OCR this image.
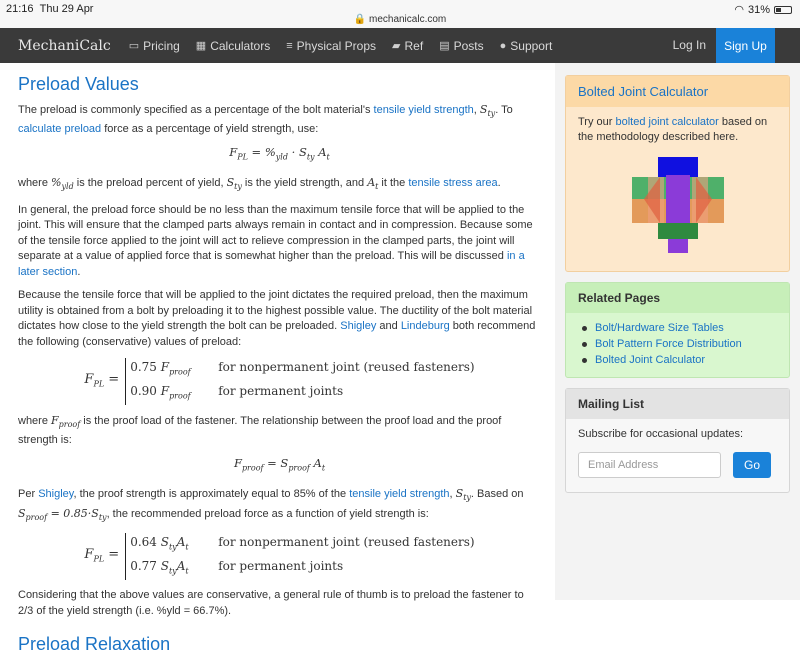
21:16 Thu 29 Apr
🔒 mechanicalc.com
◠ 31%
MechaniCalc ▭ Pricing ▦ Calculators ≡ Physical Props ▰ Ref ▤ Posts ● Support	Log In	Sign Up
Preload Values

The preload is commonly specified as a percentage of the bolt material's tensile yield strength, $S_{ty}$. To calculate preload force as a percentage of yield strength, use:

$F_{PL} = \%_{yld} \cdot S_{ty}$ $A_t$

where $\%_{yld}$ is the preload percent of yield, $S_{ty}$ is the yield strength, and $A_t$ it the tensile stress area.

In general, the preload force should be no less than the maximum tensile force that will be applied to the joint. This will ensure that the clamped parts always remain in contact and in compression. Because some of the tensile force applied to the joint will act to relieve compression in the clamped parts, the joint will separate at a value of applied force that is somewhat higher than the preload. This will be discussed in a later section.

Because the tensile force that will be applied to the joint dictates the required preload, then the maximum utility is obtained from a bolt by preloading it to the highest possible value. The ductility of the bolt material dictates how close to the yield strength the bolt can be preloaded. Shigley and Lindeburg both recommend the following (conservative) values of preload:

$F_{PL}$ =
0.75 $F_{proof}$	for nonpermanent joint (reused fasteners)
0.90 $F_{proof}$	for permanent joints

where $F_{proof}$ is the proof load of the fastener. The relationship between the proof load and the proof strength is:

$F_{proof} = S_{proof}$ $A_t$

Per Shigley, the proof strength is approximately equal to 85% of the tensile yield strength, $S_{ty}$. Based on $S_{proof} = 0.85\cdot S_{ty}$, the recommended preload force as a function of yield strength is:

$F_{PL}$ =
0.64 $S_{ty}A_t$	for nonpermanent joint (reused fasteners)
0.77 $S_{ty}A_t$	for permanent joints

Considering that the above values are conservative, a general rule of thumb is to preload the fastener to 2/3 of the yield strength (i.e. %yld = 66.7%).

Preload Relaxation
Bolted Joint Calculator
Try our bolted joint calculator based on the methodology described here.
Related Pages
Bolt/Hardware Size Tables
Bolt Pattern Force Distribution
Bolted Joint Calculator
Mailing List
Subscribe for occasional updates:
Email Address
Go
